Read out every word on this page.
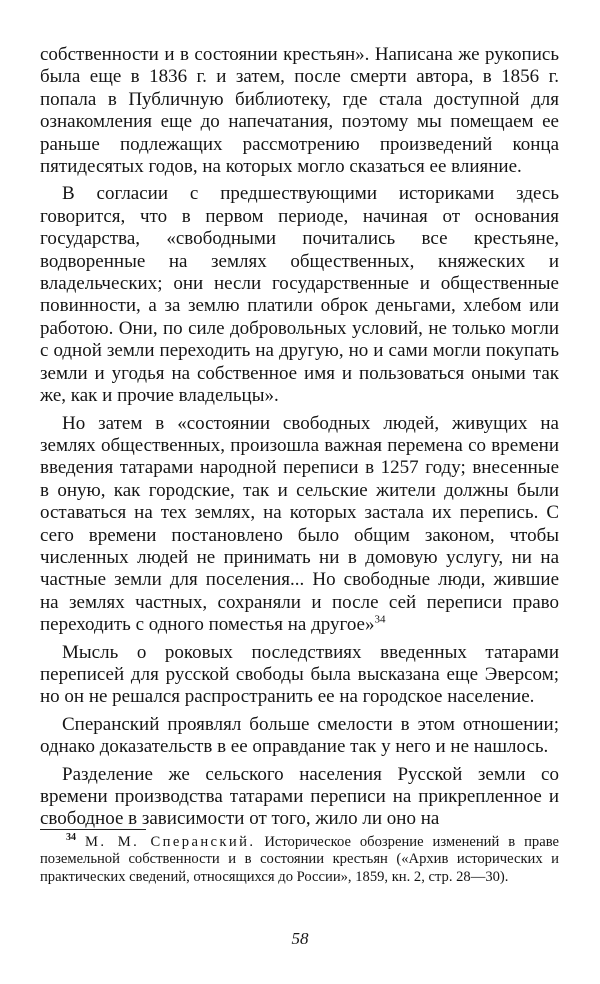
собственности и в состоянии крестьян». Написана же рукопись была еще в 1836 г. и затем, после смерти автора, в 1856 г. попала в Публичную библиотеку, где стала доступной для ознакомления еще до напечатания, поэтому мы помещаем ее раньше подлежащих рассмотрению произведений конца пятидесятых годов, на которых могло сказаться ее влияние.

В согласии с предшествующими историками здесь говорится, что в первом периоде, начиная от основания государства, «свободными почитались все крестьяне, водворенные на землях общественных, княжеских и владельческих; они несли государственные и общественные повинности, а за землю платили оброк деньгами, хлебом или работою. Они, по силе добровольных условий, не только могли с одной земли переходить на другую, но и сами могли покупать земли и угодья на собственное имя и пользоваться оными так же, как и прочие владельцы».

Но затем в «состоянии свободных людей, живущих на землях общественных, произошла важная перемена со времени введения татарами народной переписи в 1257 году; внесенные в оную, как городские, так и сельские жители должны были оставаться на тех землях, на которых застала их перепись. С сего времени постановлено было общим законом, чтобы численных людей не принимать ни в домовую услугу, ни на частные земли для поселения... Но свободные люди, жившие на землях частных, сохраняли и после сей переписи право переходить с одного поместья на другое»$^{34}$

Мысль о роковых последствиях введенных татарами переписей для русской свободы была высказана еще Эверсом; но он не решался распространить ее на городское население.

Сперанский проявлял больше смелости в этом отношении; однако доказательств в ее оправдание так у него и не нашлось.

Разделение же сельского населения Русской земли со времени производства татарами переписи на прикрепленное и свободное в зависимости от того, жило ли оно на

$^{34}$ М. М. Сперанский. Историческое обозрение изменений в праве поземельной собственности и в состоянии крестьян («Архив исторических и практических сведений, относящихся до России», 1859, кн. 2, стр. 28—30).

58
